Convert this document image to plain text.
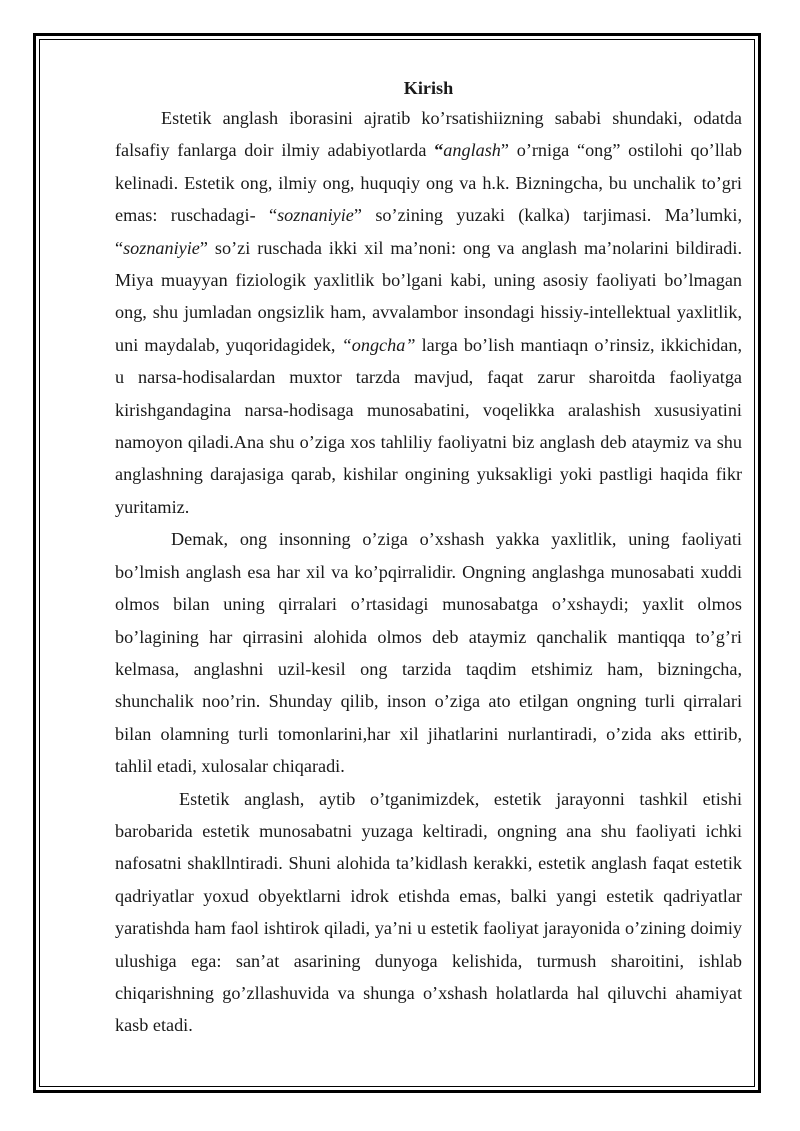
Kirish

Estetik anglash iborasini ajratib ko’rsatishiizning sababi shundaki, odatda falsafiy fanlarga doir ilmiy adabiyotlarda “anglash” o’rniga “ong” ostilohi qo’llab kelinadi. Estetik ong, ilmiy ong, huquqiy ong va h.k. Bizningcha, bu unchalik to’gri emas: ruschadagi- “soznaniyie” so’zining yuzaki (kalka) tarjimasi. Ma’lumki, “soznaniyie” so’zi ruschada ikki xil ma’noni: ong va anglash ma’nolarini bildiradi. Miya muayyan fiziologik yaxlitlik bo’lgani kabi, uning asosiy faoliyati bo’lmagan ong, shu jumladan ongsizlik ham, avvalambor insondagi hissiy-intellektual yaxlitlik, uni maydalab, yuqoridagidek, “ongcha” larga bo’lish mantiaqn o’rinsiz, ikkichidan, u narsa-hodisalardan muxtor tarzda mavjud, faqat zarur sharoitda faoliyatga kirishgandagina narsa-hodisaga munosabatini, voqelikka aralashish xususiyatini namoyon qiladi.Ana shu o’ziga xos tahliliy faoliyatni biz anglash deb ataymiz va shu anglashning darajasiga qarab, kishilar ongining yuksakligi yoki pastligi haqida fikr yuritamiz.

Demak, ong insonning o’ziga o’xshash yakka yaxlitlik, uning faoliyati bo’lmish anglash esa har xil va ko’pqirralidir. Ongning anglashga munosabati xuddi olmos bilan uning qirralari o’rtasidagi munosabatga o’xshaydi; yaxlit olmos bo’lagining har qirrasini alohida olmos deb ataymiz qanchalik mantiqqa to’g’ri kelmasa, anglashni uzil-kesil ong tarzida taqdim etshimiz ham, bizningcha, shunchalik noo’rin. Shunday qilib, inson o’ziga ato etilgan ongning turli qirralari bilan olamning turli tomonlarini,har xil jihatlarini nurlantiradi, o’zida aks ettirib, tahlil etadi, xulosalar chiqaradi.

Estetik anglash, aytib o’tganimizdek, estetik jarayonni tashkil etishi barobarida estetik munosabatni yuzaga keltiradi, ongning ana shu faoliyati ichki nafosatni shakllntiradi. Shuni alohida ta’kidlash kerakki, estetik anglash faqat estetik qadriyatlar yoxud obyektlarni idrok etishda emas, balki yangi estetik qadriyatlar yaratishda ham faol ishtirok qiladi, ya’ni u estetik faoliyat jarayonida o’zining doimiy ulushiga ega: san’at asarining dunyoga kelishida, turmush sharoitini, ishlab chiqarishning go’zllashuvida va shunga o’xshash holatlarda hal qiluvchi ahamiyat kasb etadi.
